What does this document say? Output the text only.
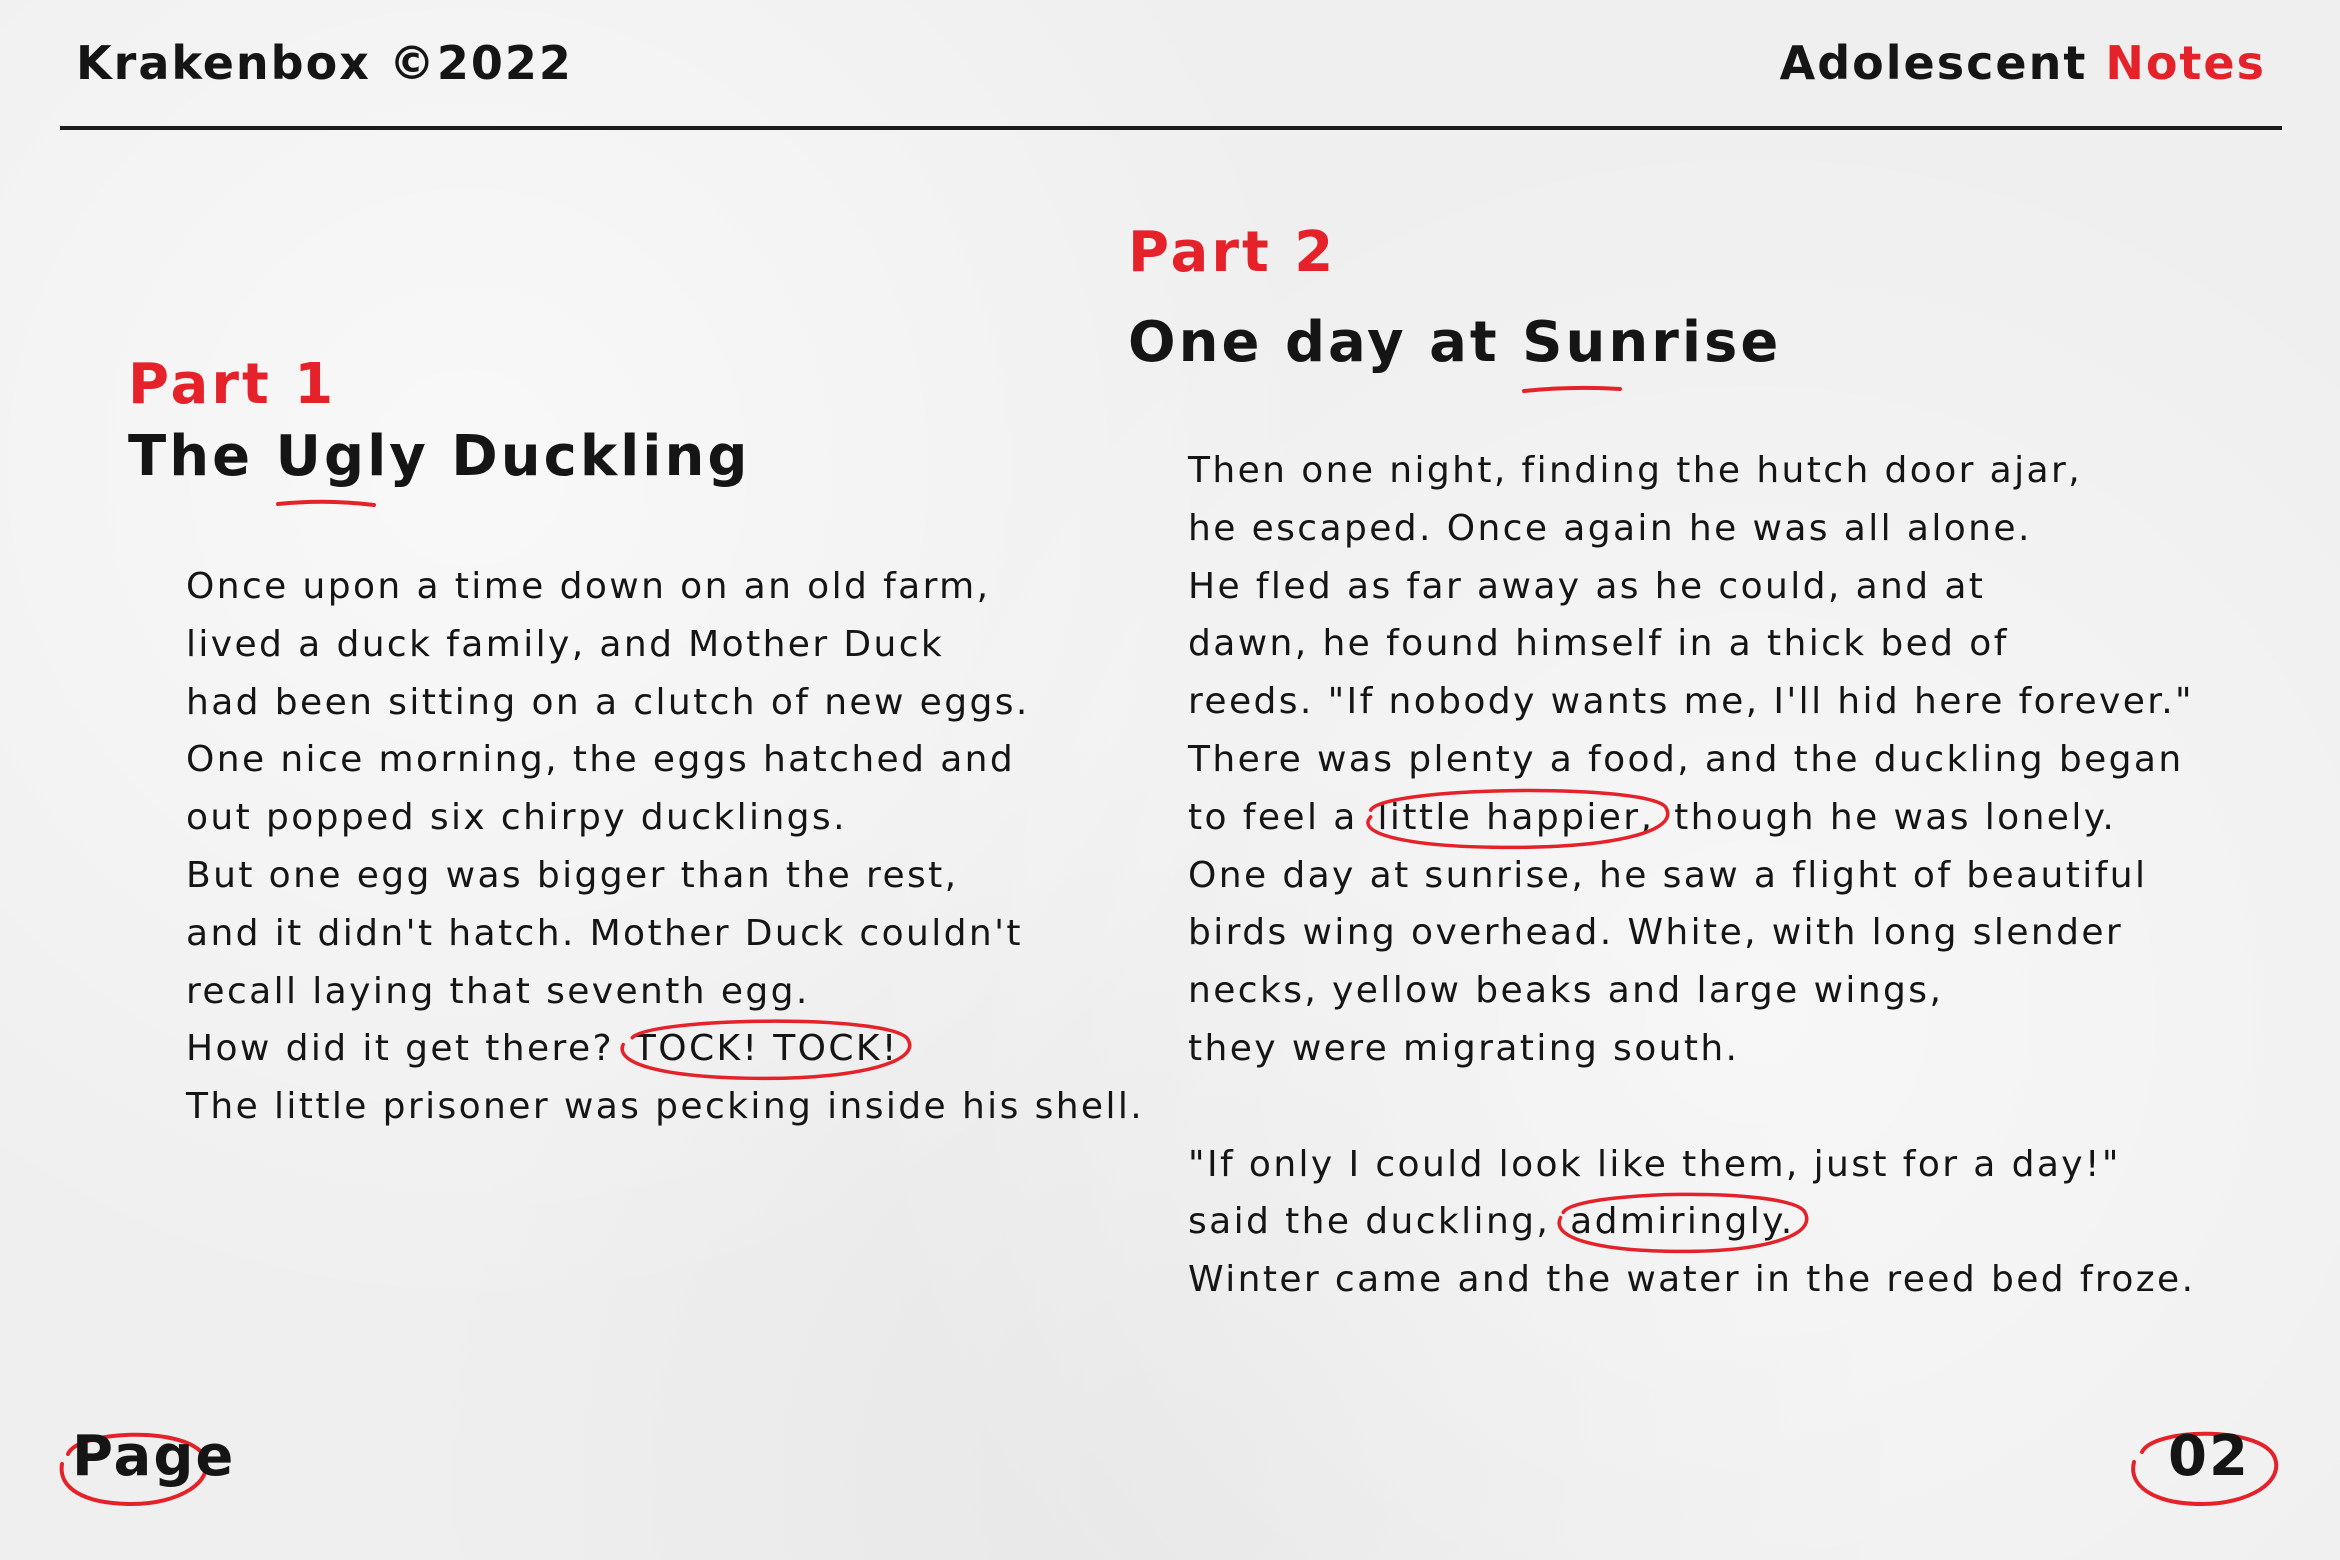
Krakenbox ©2022	Adolescent Notes
Part 1
The Ugly
Duckling
Once upon a time down on an old farm,
lived a duck family, and Mother Duck
had been sitting on a clutch of new eggs.
One nice morning, the eggs hatched and
out popped six chirpy ducklings.
But one egg was bigger than the rest,
and it didn't hatch. Mother Duck couldn't
recall laying that seventh egg.
How did it get there? TOCK! TOCK!
The little prisoner was pecking inside his shell.
Part 2
One day at Sunrise
Then one night, finding the hutch door ajar,
he escaped. Once again he was all alone.
He fled as far away as he could, and at
dawn, he found himself in a thick bed of
reeds. "If nobody wants me, I'll hid here forever."
There was plenty a food, and the duckling began
to feel a little happier,
though he was lonely.
One day at sunrise, he saw a flight of beautiful
birds wing overhead. White, with long slender
necks, yellow beaks and large wings,
they were migrating south.
"If only I could look like them, just for a day!"
said the duckling, admiringly.
Winter came and the water in the reed bed froze.
Page	02
